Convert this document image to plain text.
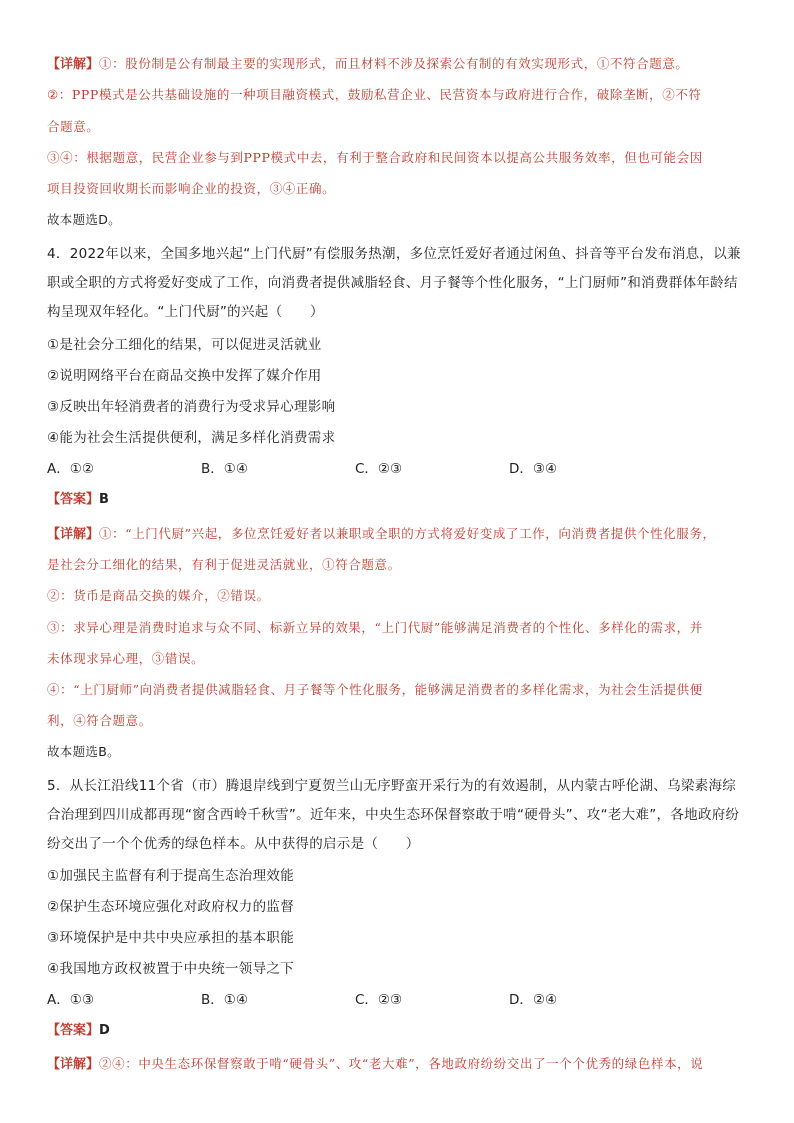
【详解】①：股份制是公有制最主要的实现形式，而且材料不涉及探索公有制的有效实现形式，①不符合题意。
②：PPP模式是公共基础设施的一种项目融资模式，鼓励私营企业、民营资本与政府进行合作，破除垄断，②不符
合题意。
③④：根据题意，民营企业参与到PPP模式中去，有利于整合政府和民间资本以提高公共服务效率，但也可能会因
项目投资回收期长而影响企业的投资，③④正确。
故本题选D。
4．2022年以来，全国多地兴起“上门代厨”有偿服务热潮，多位烹饪爱好者通过闲鱼、抖音等平台发布消息，以兼
职或全职的方式将爱好变成了工作，向消费者提供减脂轻食、月子餐等个性化服务，“上门厨师”和消费群体年龄结
构呈现双年轻化。“上门代厨”的兴起（　　）
①是社会分工细化的结果，可以促进灵活就业
②说明网络平台在商品交换中发挥了媒介作用
③反映出年轻消费者的消费行为受求异心理影响
④能为社会生活提供便利，满足多样化消费需求
A．①②	B．①④	C．②③	D．③④
【答案】B
【详解】①：“上门代厨”兴起，多位烹饪爱好者以兼职或全职的方式将爱好变成了工作，向消费者提供个性化服务，
是社会分工细化的结果，有利于促进灵活就业，①符合题意。
②：货币是商品交换的媒介，②错误。
③：求异心理是消费时追求与众不同、标新立异的效果，“上门代厨”能够满足消费者的个性化、多样化的需求，并
未体现求异心理，③错误。
④：“上门厨师”向消费者提供减脂轻食、月子餐等个性化服务，能够满足消费者的多样化需求，为社会生活提供便
利，④符合题意。
故本题选B。
5．从长江沿线11个省（市）腾退岸线到宁夏贺兰山无序野蛮开采行为的有效遏制，从内蒙古呼伦湖、乌梁素海综
合治理到四川成都再现“窗含西岭千秋雪”。近年来，中央生态环保督察敢于啃“硬骨头”、攻“老大难”，各地政府纷
纷交出了一个个优秀的绿色样本。从中获得的启示是（　　）
①加强民主监督有利于提高生态治理效能
②保护生态环境应强化对政府权力的监督
③环境保护是中共中央应承担的基本职能
④我国地方政权被置于中央统一领导之下
A．①③	B．①④	C．②③	D．②④
【答案】D
【详解】②④：中央生态环保督察敢于啃“硬骨头”、攻“老大难”，各地政府纷纷交出了一个个优秀的绿色样本，说
